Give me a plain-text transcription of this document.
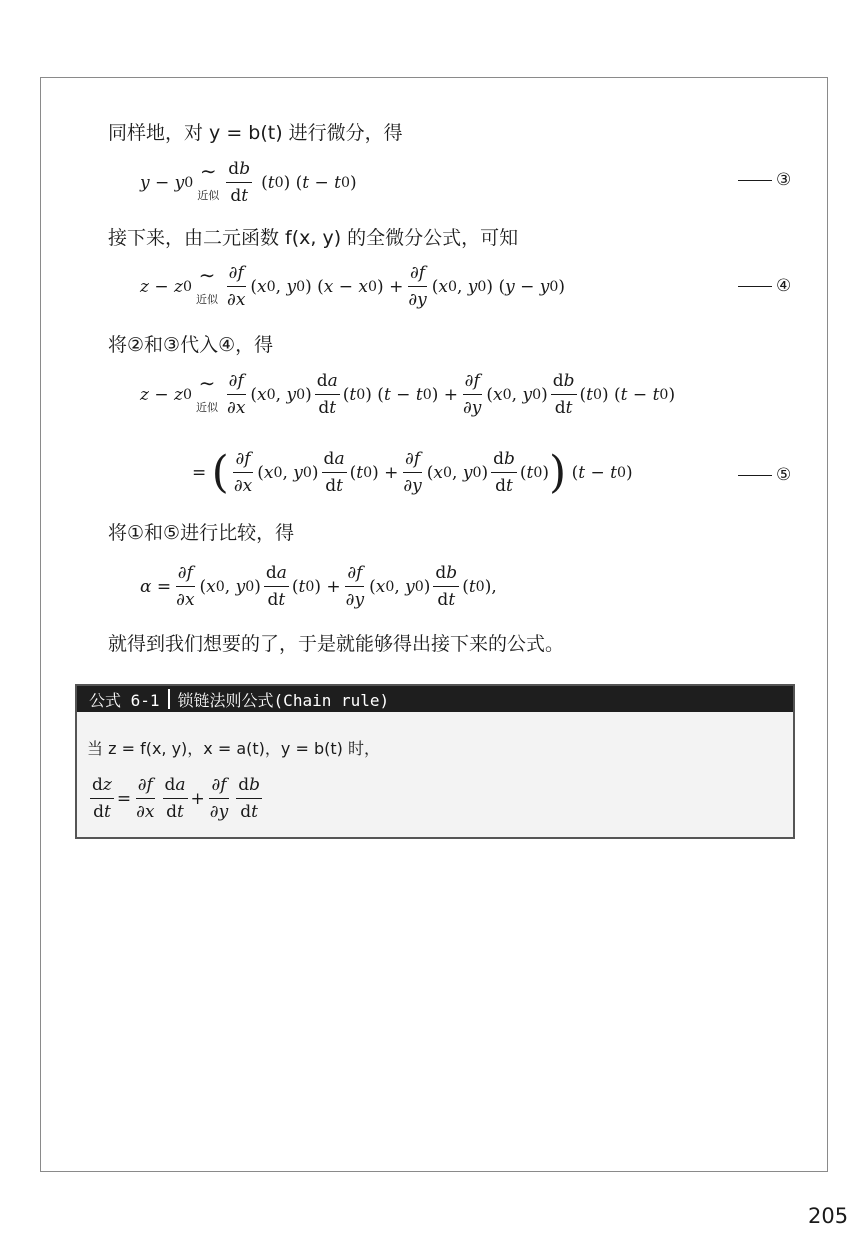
同样地，对 y = b(t) 进行微分，得
y − y 0 ∼
近似 $\frac{db}{dt}$ ( t 0 ) ( t − t 0 )	③
接下来，由二元函数 f(x, y) 的全微分公式，可知
z − z 0 ∼
近似 $\frac{\partial f}{\partial x}$ ( x 0 , y 0 ) ( x − x 0 ) + $\frac{\partial f}{\partial y}$ ( x 0 , y 0 ) ( y − y 0 )	④
将②和③代入④，得
z − z 0 ∼
近似 $\frac{\partial f}{\partial x}$ ( x 0 , y 0 ) $\frac{da}{dt}$ ( t 0 ) ( t − t 0 ) + $\frac{\partial f}{\partial y}$ ( x 0 , y 0 ) $\frac{db}{dt}$ ( t 0 ) ( t − t 0 )
= ( $\frac{\partial f}{\partial x}$ ( x 0 , y 0 ) $\frac{da}{dt}$ ( t 0 ) + $\frac{\partial f}{\partial y}$ ( x 0 , y 0 ) $\frac{db}{dt}$ ( t 0 ) ) ( t − t 0 )	⑤
将①和⑤进行比较，得
$\alpha = \frac{\partial f}{\partial x}$ ( x 0 , y 0 ) $\frac{da}{dt}$ ( t 0 ) + $\frac{\partial f}{\partial y}$ ( x 0 , y 0 ) $\frac{db}{dt}$ ( t 0 ),
就得到我们想要的了，于是就能够得出接下来的公式。
公式 6-1 锁链法则公式(Chain rule)
当 z = f(x, y)，x = a(t)，y = b(t) 时，
$\frac{dz}{dt} = \frac{\partial f}{\partial x} \frac{da}{dt} + \frac{\partial f}{\partial y} \frac{db}{dt}$
205
